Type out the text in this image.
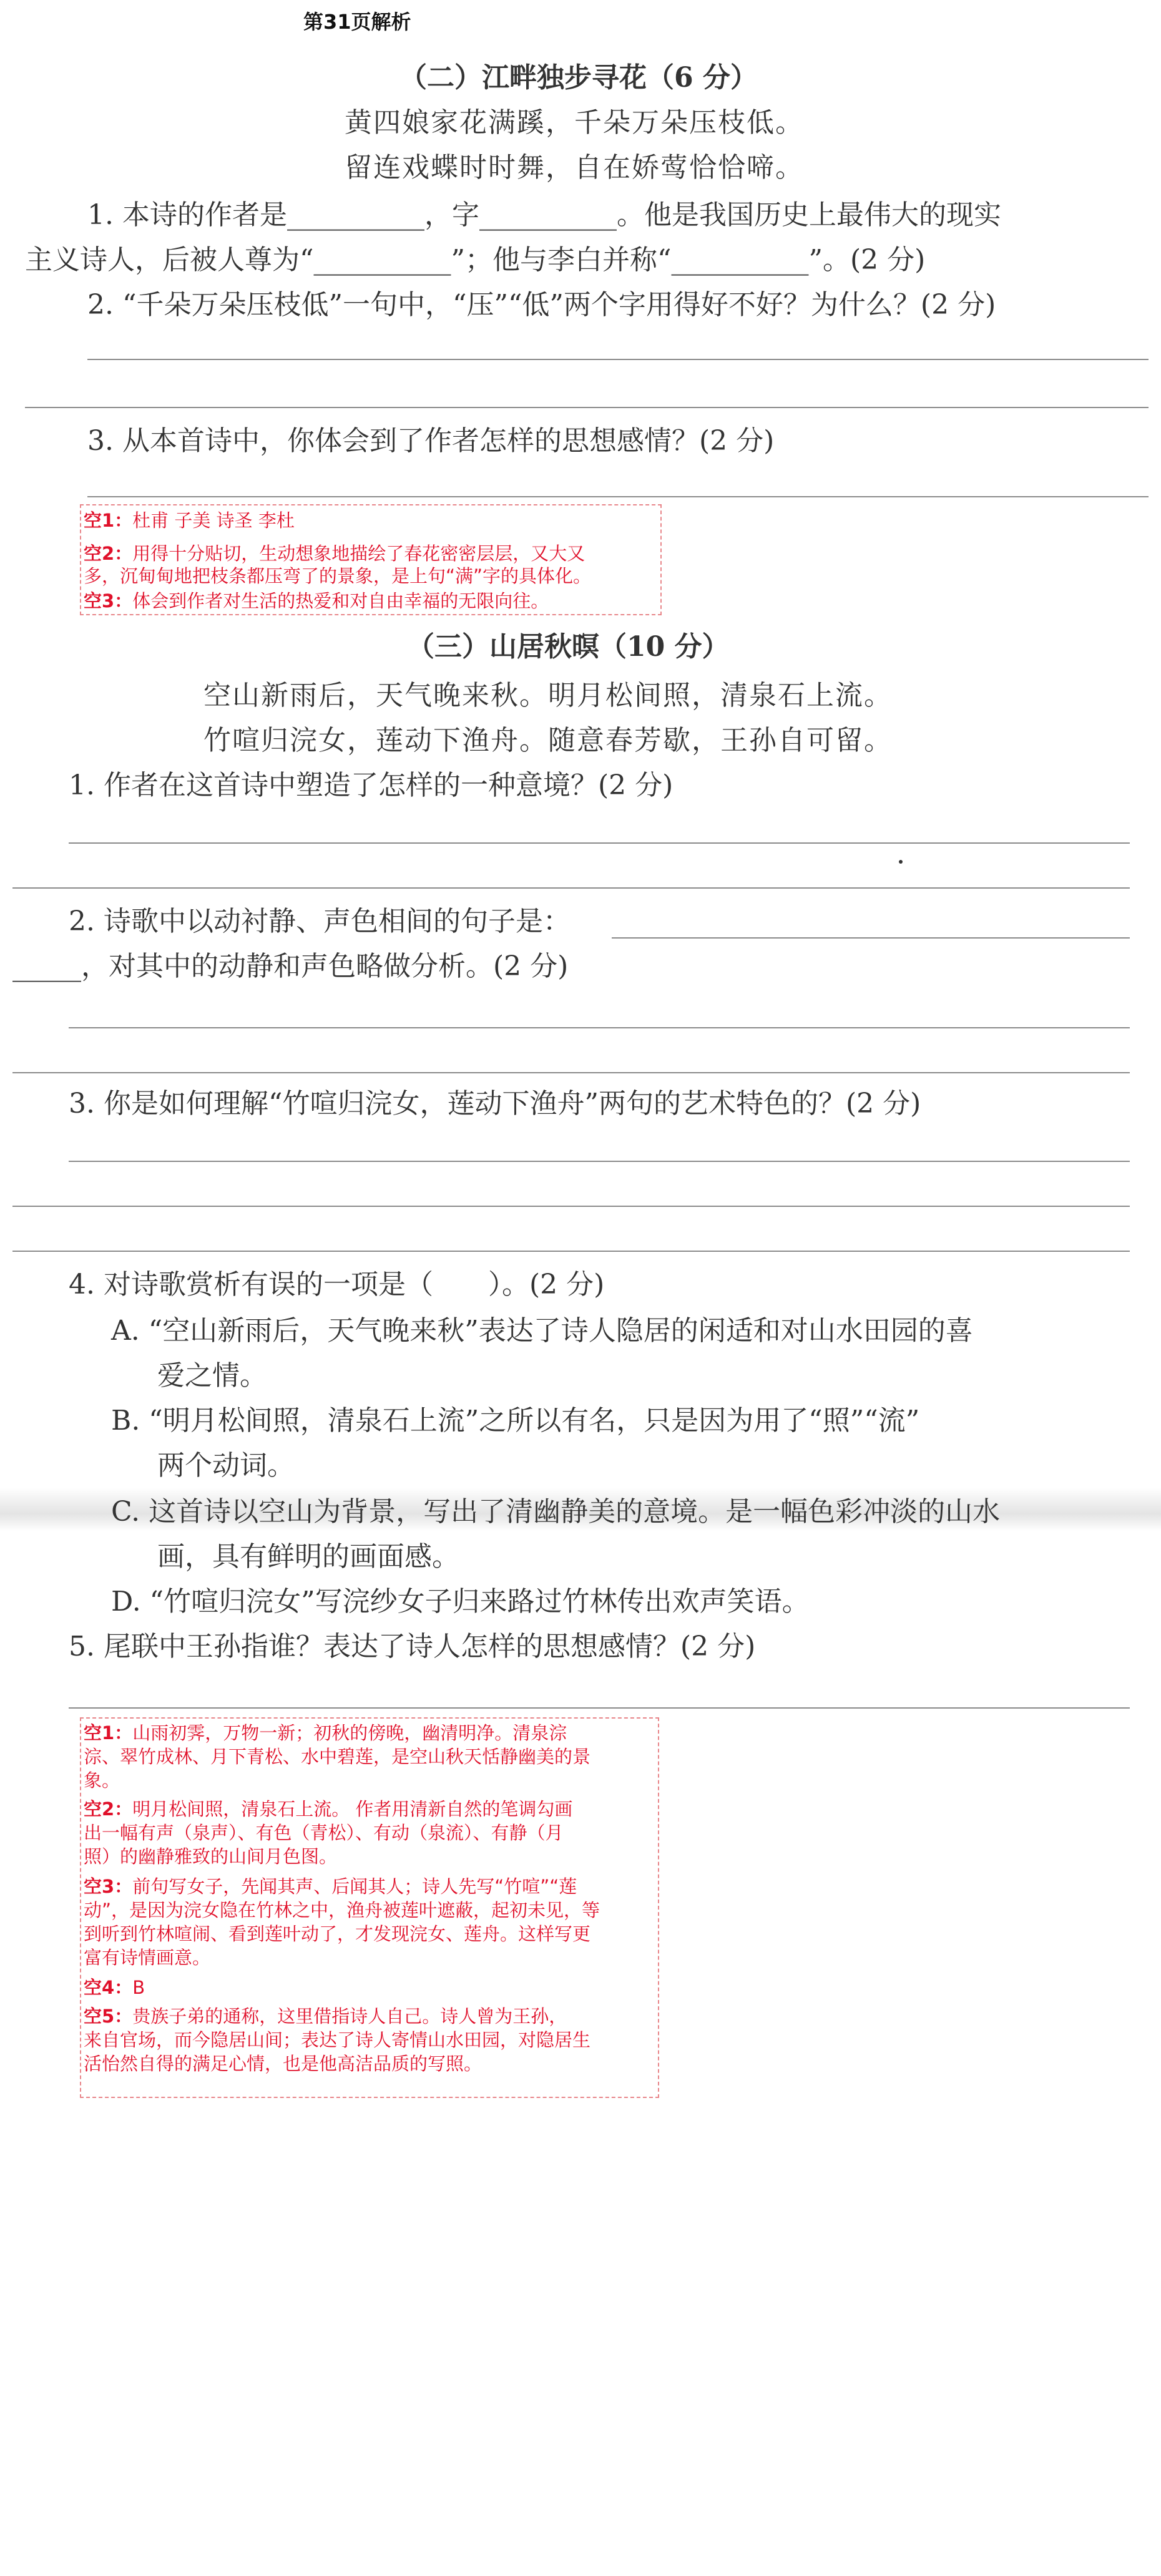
第31页解析
（二）江畔独步寻花（6 分）
黄四娘家花满蹊，千朵万朵压枝低。
留连戏蝶时时舞，自在娇莺恰恰啼。
1. 本诗的作者是__________，字__________。他是我国历史上最伟大的现实
主义诗人，后被人尊为“__________”；他与李白并称“__________”。(2 分)
2. “千朵万朵压枝低”一句中，“压”“低”两个字用得好不好？为什么？(2 分)
3. 从本首诗中，你体会到了作者怎样的思想感情？(2 分)
空1：杜甫 子美 诗圣 李杜
空2：用得十分贴切，生动想象地描绘了春花密密层层，又大又
多，沉甸甸地把枝条都压弯了的景象，是上句“满”字的具体化。
空3：体会到作者对生活的热爱和对自由幸福的无限向往。
（三）山居秋暝（10 分）
空山新雨后，天气晚来秋。明月松间照，清泉石上流。
竹喧归浣女，莲动下渔舟。随意春芳歇，王孙自可留。
1. 作者在这首诗中塑造了怎样的一种意境？(2 分)
2. 诗歌中以动衬静、声色相间的句子是：
_____，对其中的动静和声色略做分析。(2 分)
3. 你是如何理解“竹喧归浣女，莲动下渔舟”两句的艺术特色的？(2 分)
4. 对诗歌赏析有误的一项是（　　）。(2 分)
A. “空山新雨后，天气晚来秋”表达了诗人隐居的闲适和对山水田园的喜
爱之情。
B. “明月松间照，清泉石上流”之所以有名，只是因为用了“照”“流”
两个动词。
C. 这首诗以空山为背景，写出了清幽静美的意境。是一幅色彩冲淡的山水
画，具有鲜明的画面感。
D. “竹喧归浣女”写浣纱女子归来路过竹林传出欢声笑语。
5. 尾联中王孙指谁？表达了诗人怎样的思想感情？(2 分)
空1：山雨初霁，万物一新；初秋的傍晚，幽清明净。清泉淙
淙、翠竹成林、月下青松、水中碧莲，是空山秋天恬静幽美的景
象。
空2：明月松间照，清泉石上流。 作者用清新自然的笔调勾画
出一幅有声（泉声）、有色（青松）、有动（泉流）、有静（月
照）的幽静雅致的山间月色图。
空3：前句写女子，先闻其声、后闻其人；诗人先写“竹喧”“莲
动”，是因为浣女隐在竹林之中，渔舟被莲叶遮蔽，起初未见，等
到听到竹林喧闹、看到莲叶动了，才发现浣女、莲舟。这样写更
富有诗情画意。
空4：B
空5：贵族子弟的通称，这里借指诗人自己。诗人曾为王孙，
来自官场，而今隐居山间；表达了诗人寄情山水田园，对隐居生
活怡然自得的满足心情，也是他高洁品质的写照。
